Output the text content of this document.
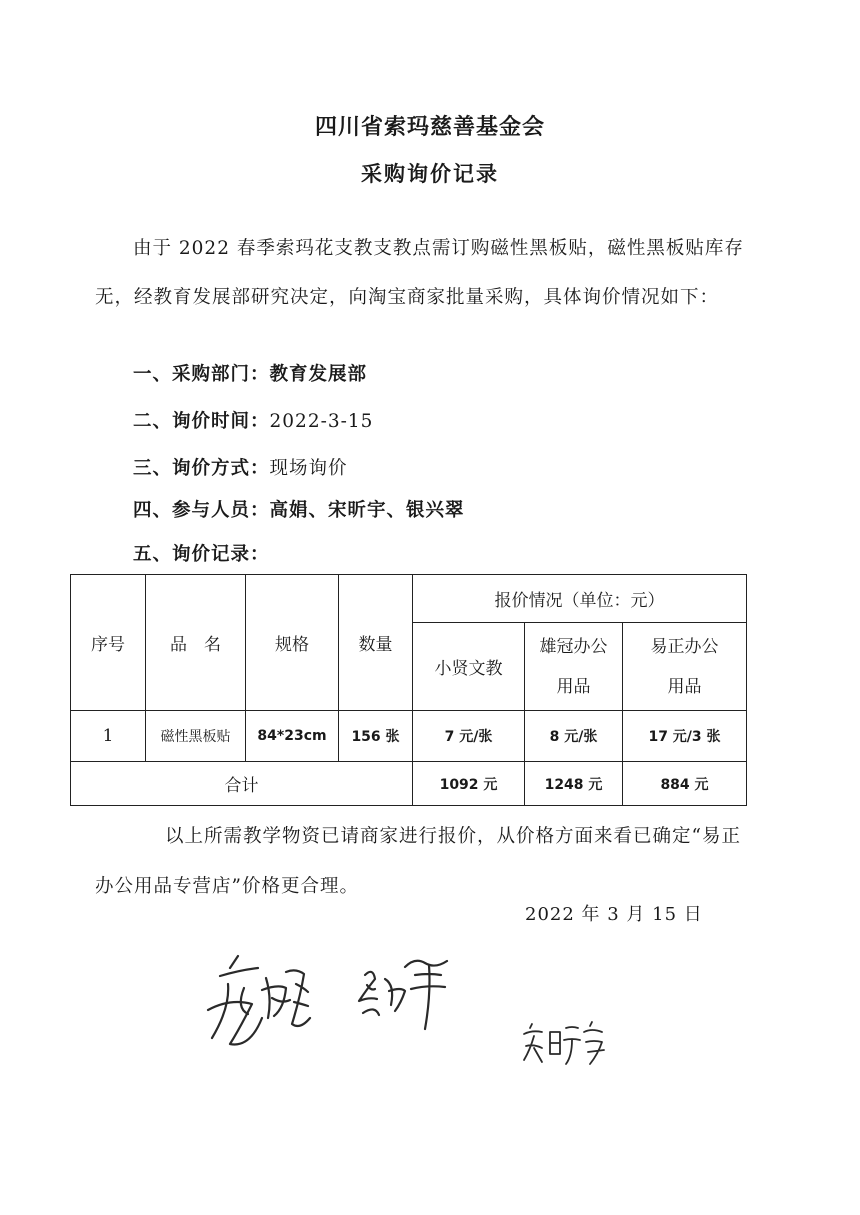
四川省索玛慈善基金会
采购询价记录
由于 2022 春季索玛花支教支教点需订购磁性黑板贴，磁性黑板贴库存无，经教育发展部研究决定，向淘宝商家批量采购，具体询价情况如下：
一、采购部门：教育发展部
二、询价时间：2022-3-15
三、询价方式：现场询价
四、参与人员：高娟、宋昕宇、银兴翠
五、询价记录：
序号	品　名	规格	数量	报价情况（单位：元）		
				小贤文教	雄冠办公用品	易正办公用品
1	磁性黑板贴	84*23cm	156 张	7 元/张	8 元/张	17 元/3 张
合计				1092 元	1248 元	884 元
以上所需教学物资已请商家进行报价，从价格方面来看已确定“易正办公用品专营店”价格更合理。
2022 年 3 月 15 日
